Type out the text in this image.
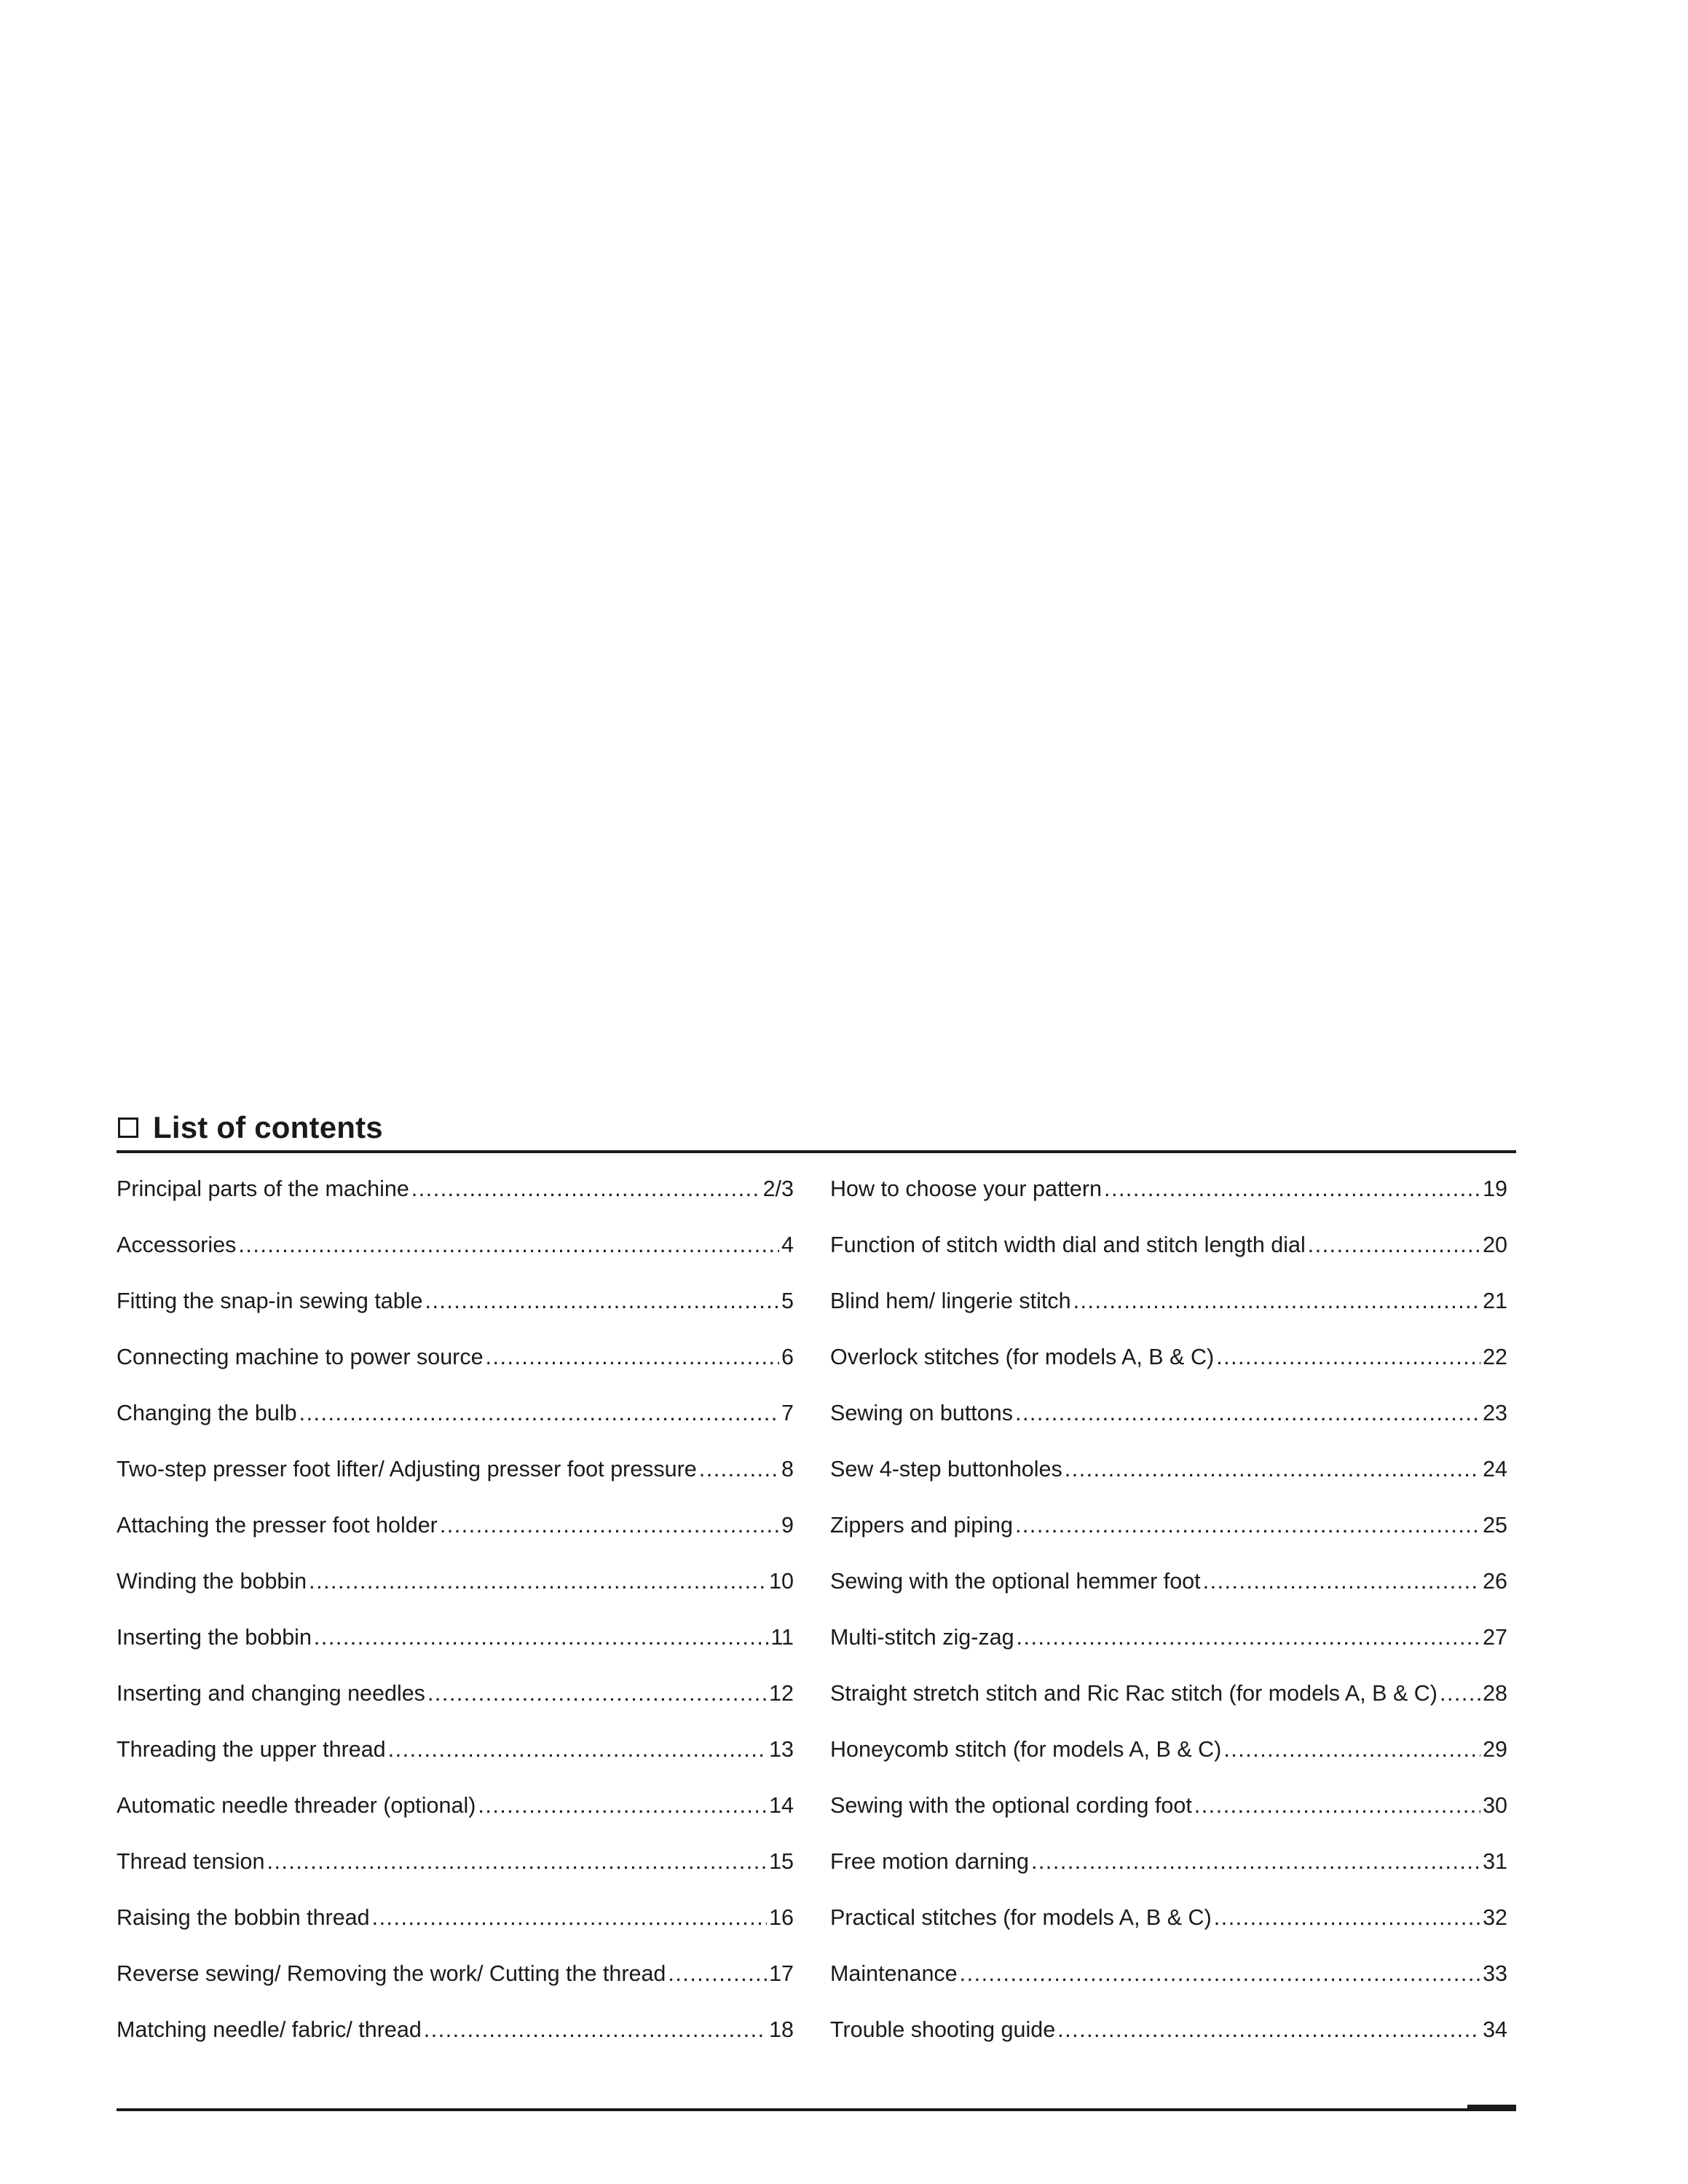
List of contents
Principal parts of the machine .....	2/3
Accessories .....	4
Fitting the snap-in sewing table .....	5
Connecting machine to power source .....	6
Changing the bulb .....	7
Two-step presser foot lifter/ Adjusting presser foot pressure .....	8
Attaching the presser foot holder .....	9
Winding the bobbin .....	10
Inserting the bobbin .....	11
Inserting and changing needles .....	12
Threading the upper thread .....	13
Automatic needle threader (optional) .....	14
Thread tension .....	15
Raising the bobbin thread .....	16
Reverse sewing/ Removing the work/ Cutting the thread .....	17
Matching needle/ fabric/ thread .....	18
How to choose your pattern .....	19
Function of stitch width dial and stitch length dial .....	20
Blind hem/ lingerie stitch .....	21
Overlock stitches (for models A, B & C) .....	22
Sewing on buttons .....	23
Sew 4-step buttonholes .....	24
Zippers and piping .....	25
Sewing with the optional hemmer foot .....	26
Multi-stitch zig-zag .....	27
Straight stretch stitch and Ric Rac stitch (for models A, B & C) ..... 28
Honeycomb stitch (for models A, B & C) .....	29
Sewing with the optional cording foot .....	30
Free motion darning .....	31
Practical stitches (for models A, B & C) .....	32
Maintenance .....	33
Trouble shooting guide .....	34
